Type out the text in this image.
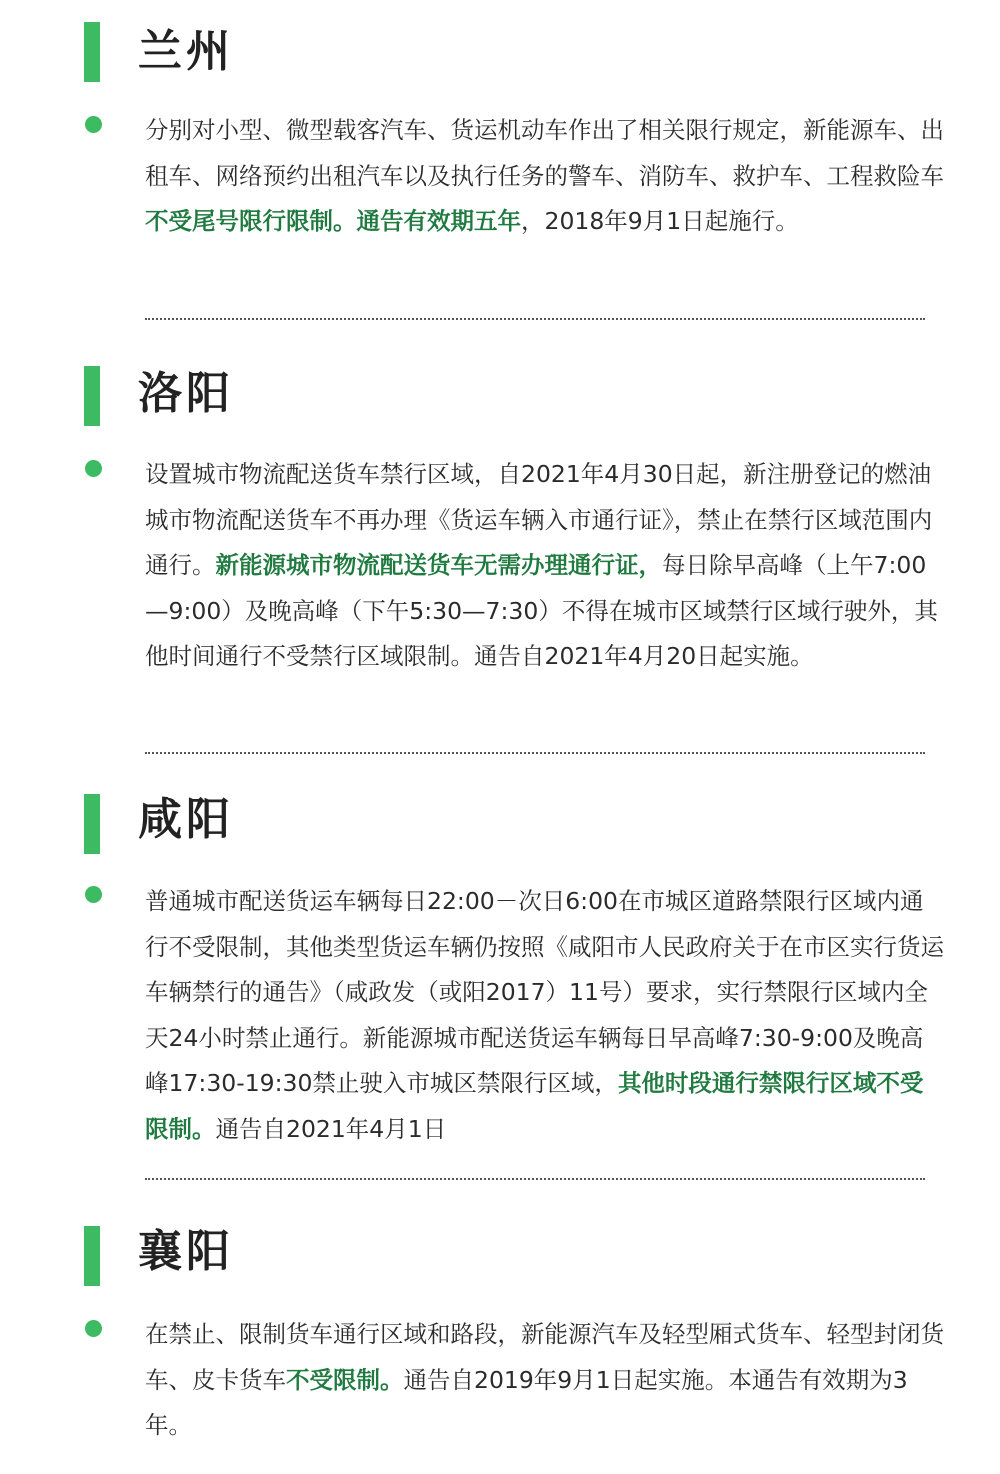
兰州

分别对小型、微型载客汽车、货运机动车作出了相关限行规定，新能源车、出租车、网络预约出租汽车以及执行任务的警车、消防车、救护车、工程救险车不受尾号限行限制。通告有效期五年，2018年9月1日起施行。

洛阳

设置城市物流配送货车禁行区域，自2021年4月30日起，新注册登记的燃油城市物流配送货车不再办理《货运车辆入市通行证》，禁止在禁行区域范围内通行。新能源城市物流配送货车无需办理通行证，每日除早高峰（上午7:00—9:00）及晚高峰（下午5:30—7:30）不得在城市区域禁行区域行驶外，其他时间通行不受禁行区域限制。通告自2021年4月20日起实施。

咸阳

普通城市配送货运车辆每日22:00－次日6:00在市城区道路禁限行区域内通行不受限制，其他类型货运车辆仍按照《咸阳市人民政府关于在市区实行货运车辆禁行的通告》（咸政发（或阳2017）11号）要求，实行禁限行区域内全天24小时禁止通行。新能源城市配送货运车辆每日早高峰7:30-9:00及晚高峰17:30-19:30禁止驶入市城区禁限行区域，其他时段通行禁限行区域不受限制。通告自2021年4月1日

襄阳

在禁止、限制货车通行区域和路段，新能源汽车及轻型厢式货车、轻型封闭货车、皮卡货车不受限制。通告自2019年9月1日起实施。本通告有效期为3年。
